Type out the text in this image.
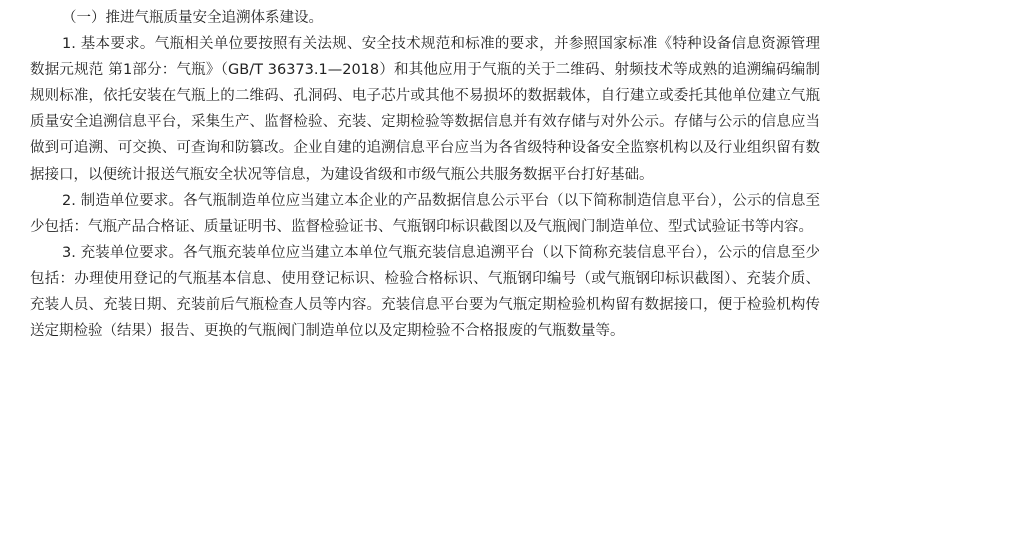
（一）推进气瓶质量安全追溯体系建设。

1. 基本要求。气瓶相关单位要按照有关法规、安全技术规范和标准的要求，并参照国家标准《特种设备信息资源管理 数据元规范 第1部分：气瓶》（GB/T 36373.1—2018）和其他应用于气瓶的关于二维码、射频技术等成熟的追溯编码编制规则标准，依托安装在气瓶上的二维码、孔洞码、电子芯片或其他不易损坏的数据载体，自行建立或委托其他单位建立气瓶质量安全追溯信息平台，采集生产、监督检验、充装、定期检验等数据信息并有效存储与对外公示。存储与公示的信息应当做到可追溯、可交换、可查询和防篡改。企业自建的追溯信息平台应当为各省级特种设备安全监察机构以及行业组织留有数据接口，以便统计报送气瓶安全状况等信息，为建设省级和市级气瓶公共服务数据平台打好基础。

2. 制造单位要求。各气瓶制造单位应当建立本企业的产品数据信息公示平台（以下简称制造信息平台），公示的信息至少包括：气瓶产品合格证、质量证明书、监督检验证书、气瓶钢印标识截图以及气瓶阀门制造单位、型式试验证书等内容。

3. 充装单位要求。各气瓶充装单位应当建立本单位气瓶充装信息追溯平台（以下简称充装信息平台），公示的信息至少包括：办理使用登记的气瓶基本信息、使用登记标识、检验合格标识、气瓶钢印编号（或气瓶钢印标识截图）、充装介质、充装人员、充装日期、充装前后气瓶检查人员等内容。充装信息平台要为气瓶定期检验机构留有数据接口，便于检验机构传送定期检验（结果）报告、更换的气瓶阀门制造单位以及定期检验不合格报废的气瓶数量等。
